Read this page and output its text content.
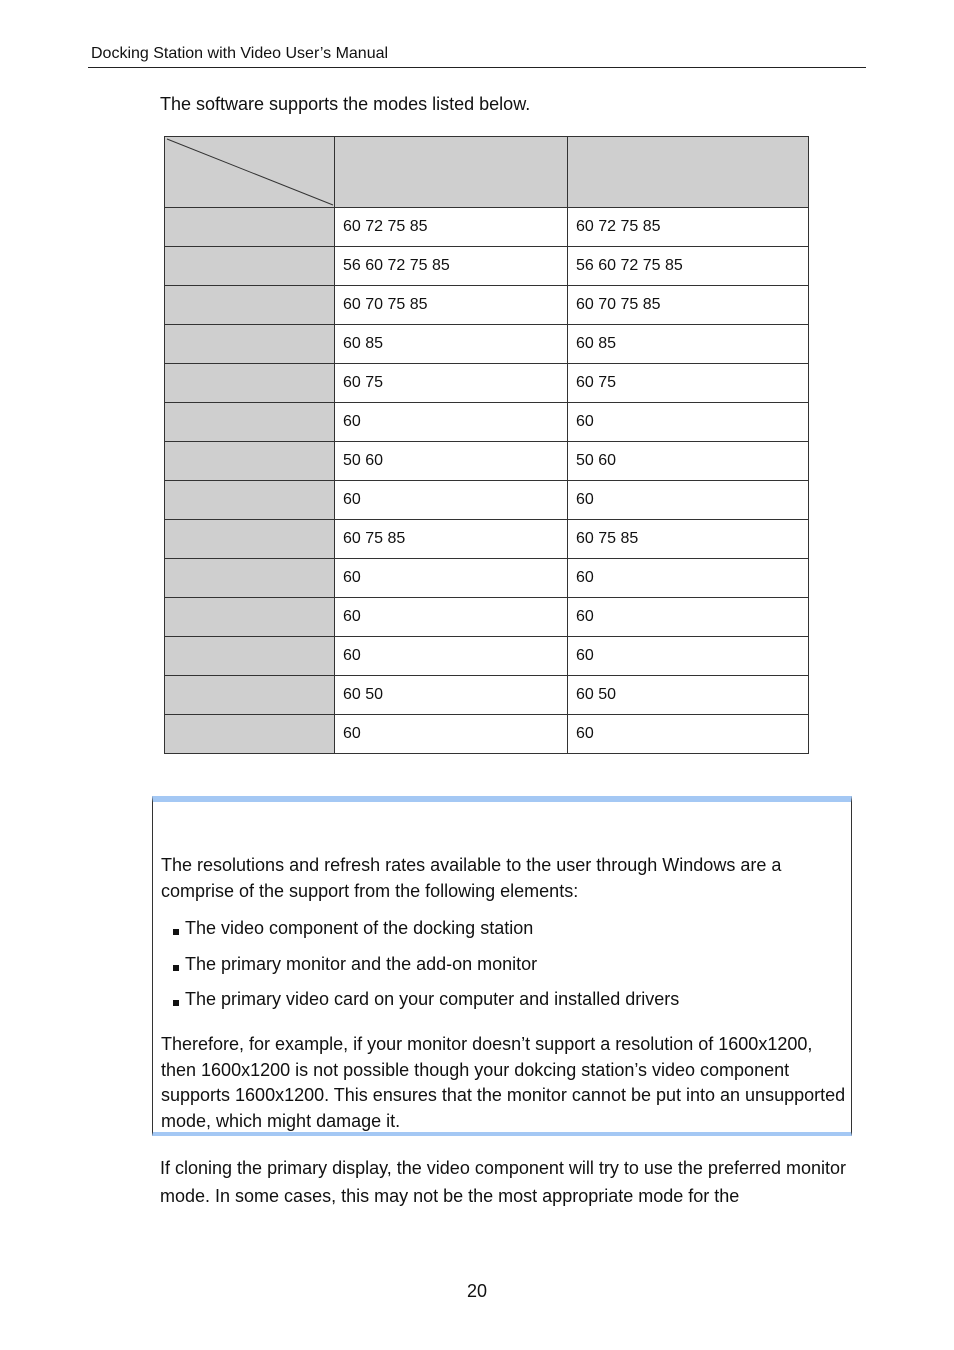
Docking Station with Video User’s Manual
The software supports the modes listed below.

	60 72 75 85	60 72 75 85
	56 60 72 75 85	56 60 72 75 85
	60 70 75 85	60 70 75 85
	60 85	60 85
	60 75	60 75
	60	60
	50 60	50 60
	60	60
	60 75 85	60 75 85
	60	60
	60	60
	60	60
	60 50	60 50
	60	60

The resolutions and refresh rates available to the user through Windows are a comprise of the support from the following elements:

The video component of the docking station
The primary monitor and the add-on monitor
The primary video card on your computer and installed drivers

Therefore, for example, if your monitor doesn’t support a resolution of 1600x1200, then 1600x1200 is not possible though your dokcing station’s video component supports 1600x1200. This ensures that the monitor cannot be put into an unsupported mode, which might damage it.

If cloning the primary display, the video component will try to use the preferred monitor mode. In some cases, this may not be the most appropriate mode for the

20
